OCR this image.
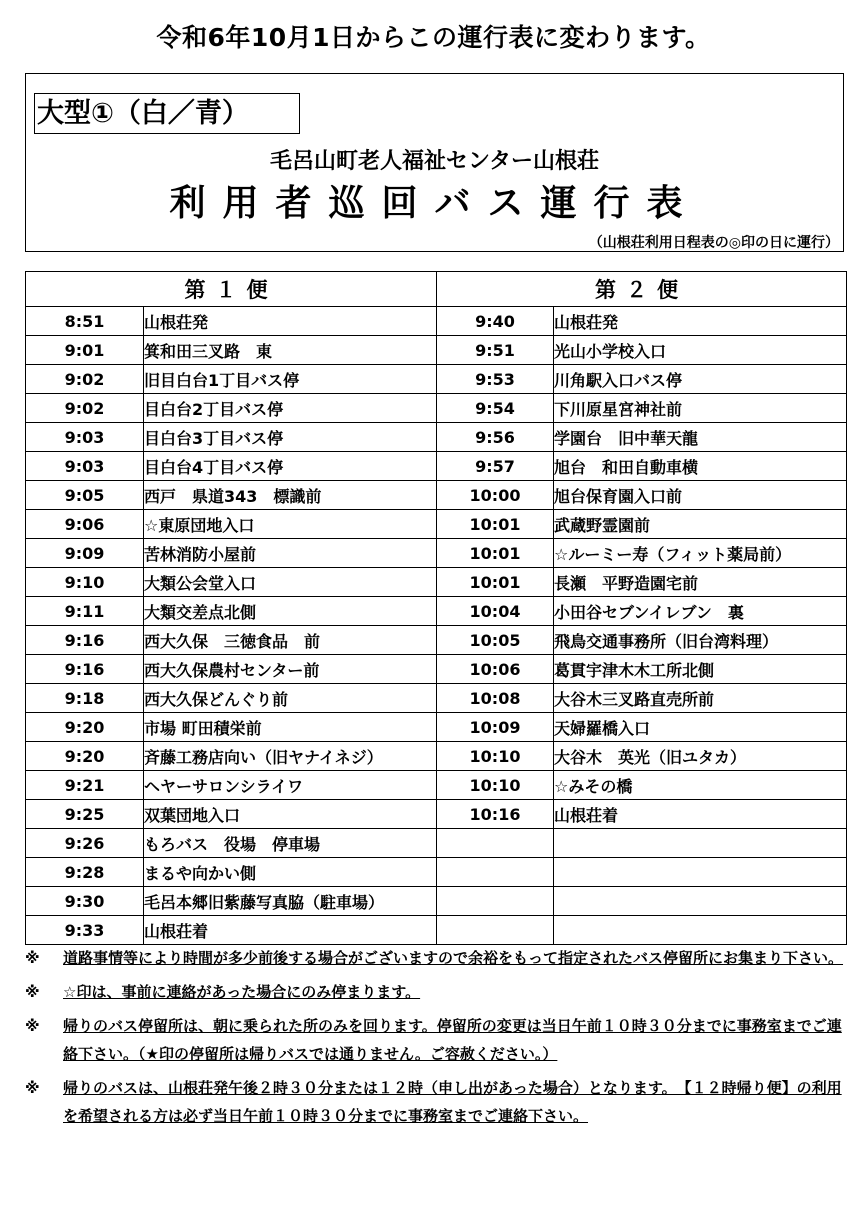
令和6年10月1日からこの運行表に変わります。
大型①（白／青）
毛呂山町老人福祉センター山根荘
利用者巡回バス運行表
（山根荘利用日程表の◎印の日に運行）
第１便		第２便	
8:51	山根荘発	9:40	山根荘発
9:01	箕和田三叉路　東	9:51	光山小学校入口
9:02	旧目白台1丁目バス停	9:53	川角駅入口バス停
9:02	目白台2丁目バス停	9:54	下川原星宮神社前
9:03	目白台3丁目バス停	9:56	学園台　旧中華天龍
9:03	目白台4丁目バス停	9:57	旭台　和田自動車横
9:05	西戸　県道343　標識前	10:00	旭台保育園入口前
9:06	☆東原団地入口	10:01	武蔵野霊園前
9:09	苦林消防小屋前	10:01	☆ルーミー寿（フィット薬局前）
9:10	大類公会堂入口	10:01	長瀬　平野造園宅前
9:11	大類交差点北側	10:04	小田谷セブンイレブン　裏
9:16	西大久保　三徳食品　前	10:05	飛鳥交通事務所（旧台湾料理）
9:16	西大久保農村センター前	10:06	葛貫宇津木木工所北側
9:18	西大久保どんぐり前	10:08	大谷木三叉路直売所前
9:20	市場 町田積栄前	10:09	天婦羅橋入口
9:20	斉藤工務店向い（旧ヤナイネジ）	10:10	大谷木　英光（旧ユタカ）
9:21	ヘヤーサロンシライワ	10:10	☆みその橋
9:25	双葉団地入口	10:16	山根荘着
9:26	もろバス　役場　停車場		
9:28	まるや向かい側		
9:30	毛呂本郷旧紫藤写真脇（駐車場）		
9:33	山根荘着		
※ 道路事情等により時間が多少前後する場合がございますので余裕をもって指定されたバス停留所にお集まり下さい。
※ ☆印は、事前に連絡があった場合にのみ停まります。
※ 帰りのバス停留所は、朝に乗られた所のみを回ります。停留所の変更は当日午前１０時３０分までに事務室までご連絡下さい。（★印の停留所は帰りバスでは通りません。ご容赦ください。）
※ 帰りのバスは、山根荘発午後２時３０分または１２時（申し出があった場合）となります。　【１２時帰り便】の利用を希望される方は必ず当日午前１０時３０分までに事務室までご連絡下さい。
